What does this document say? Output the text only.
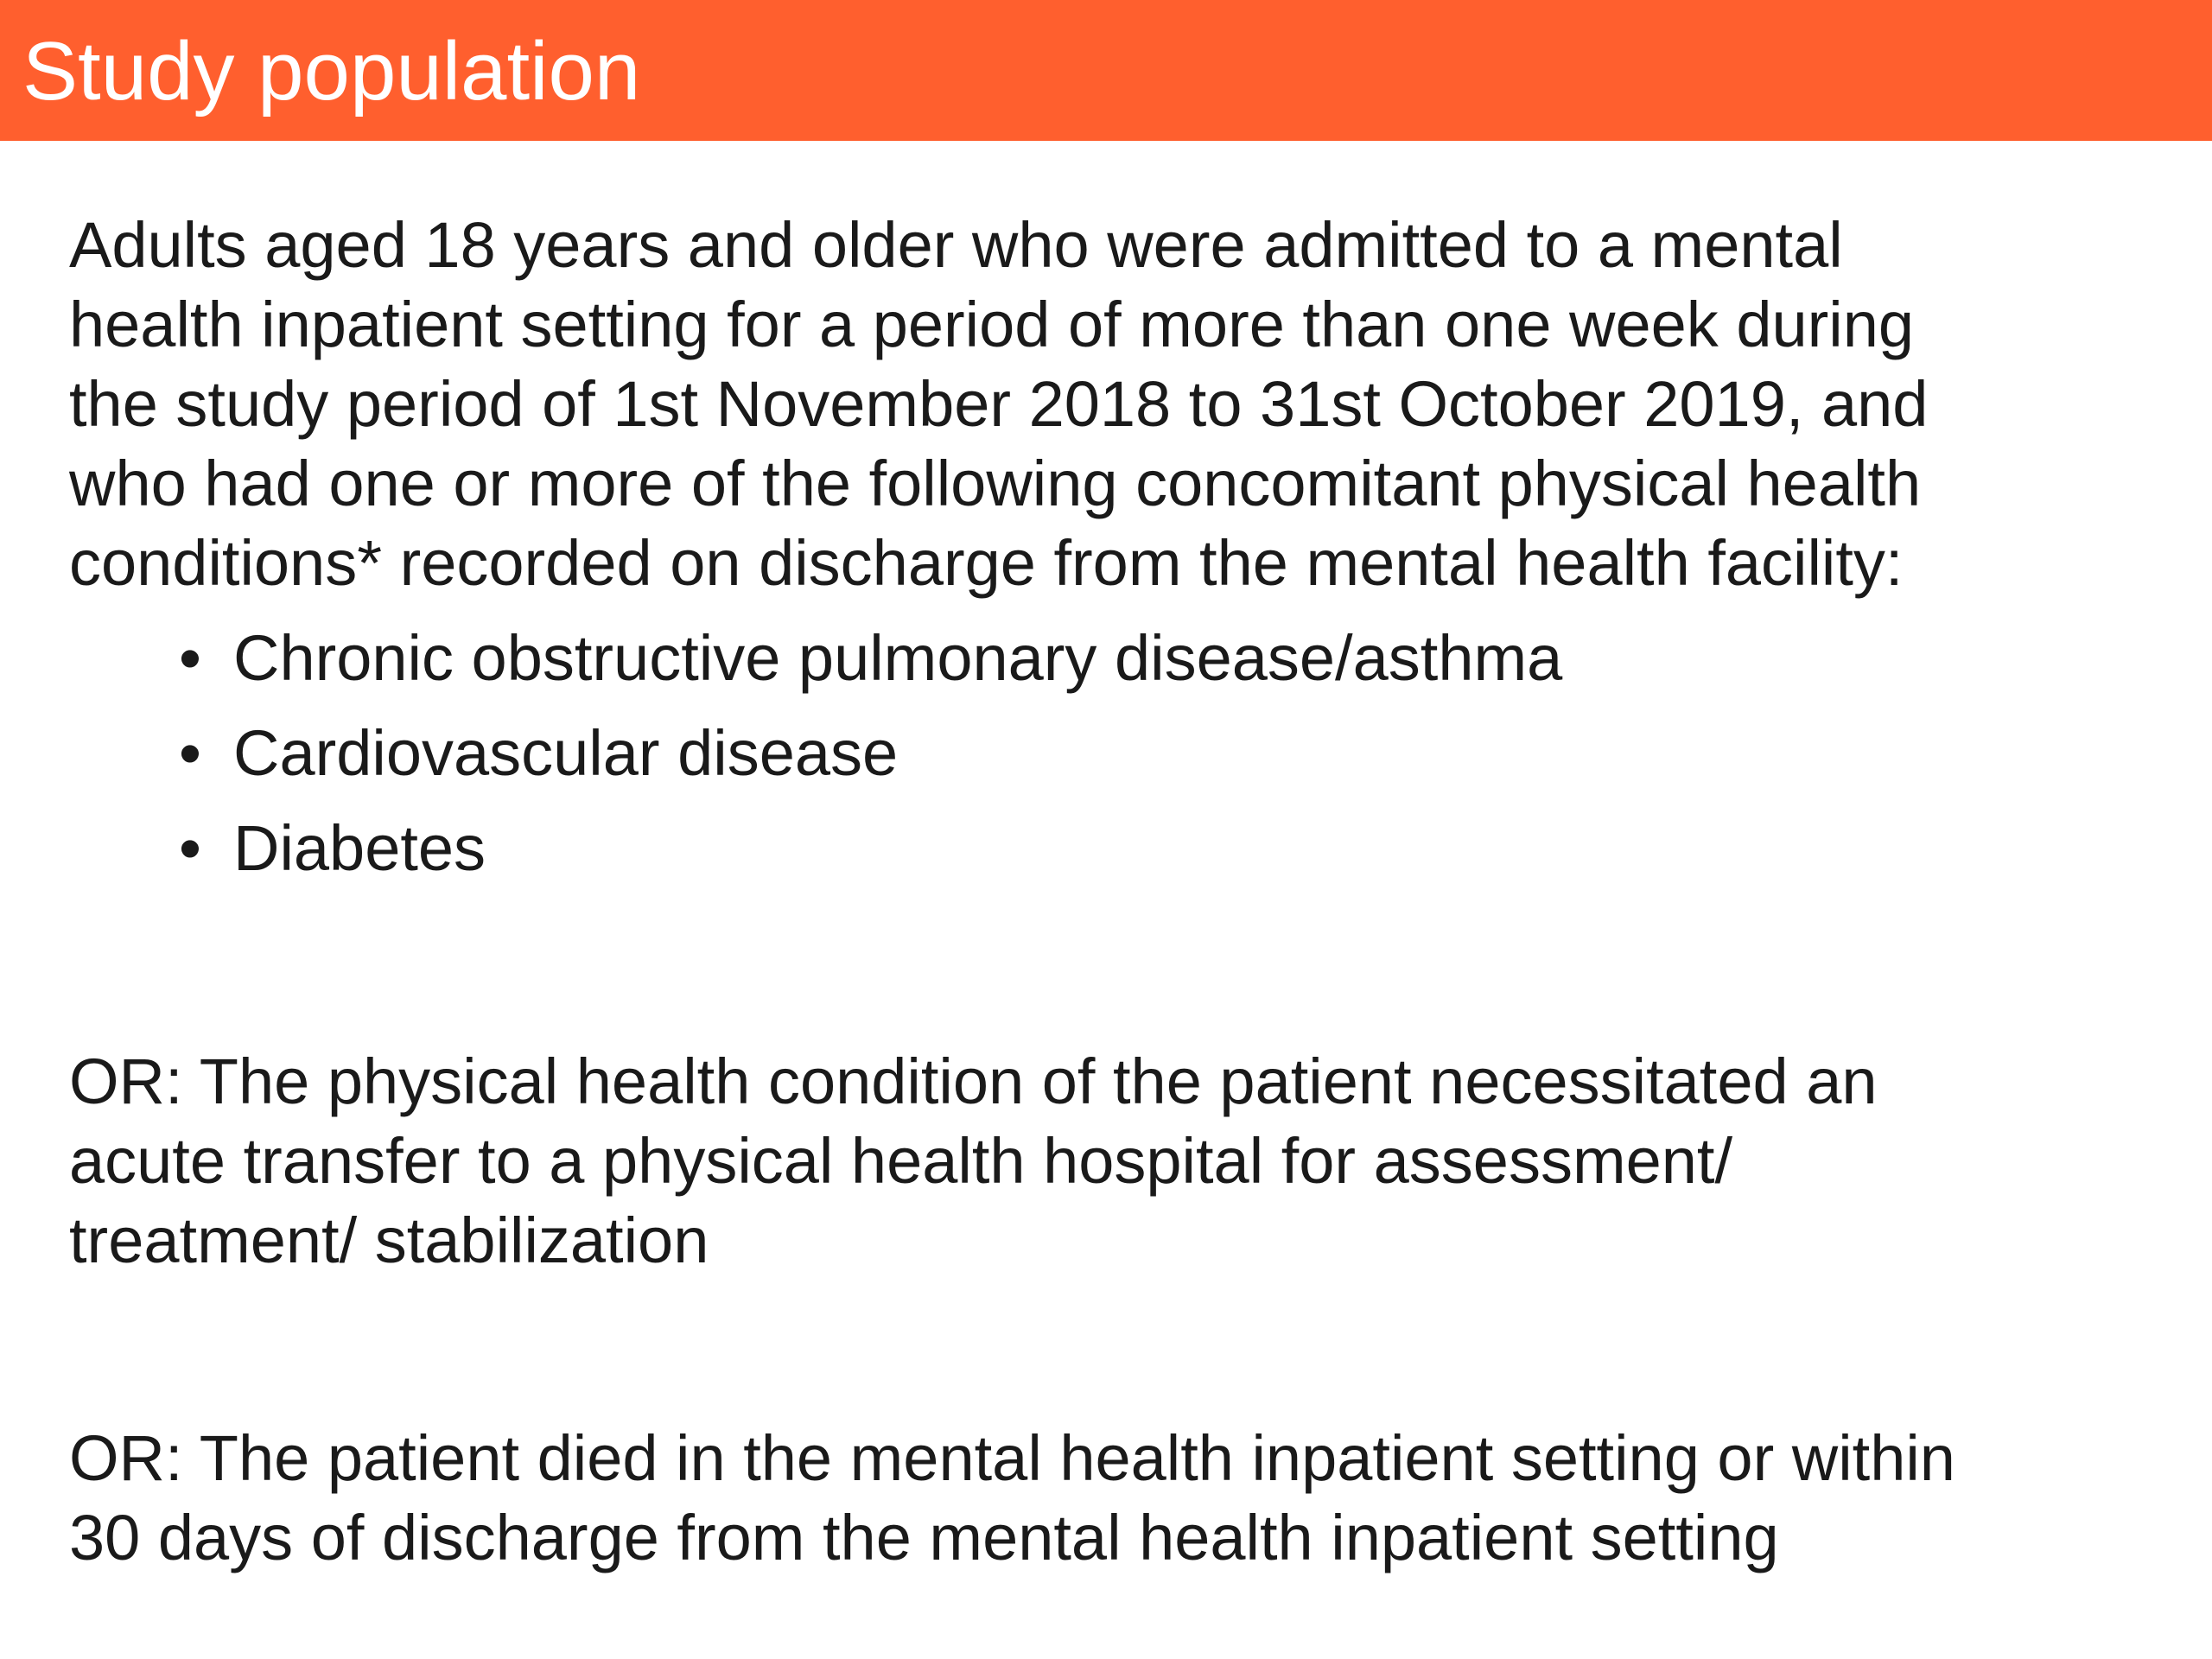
Study population

Adults aged 18 years and older who were admitted to a mental
health inpatient setting for a period of more than one week during
the study period of 1st November 2018 to 31st October 2019, and
who had one or more of the following concomitant physical health
conditions* recorded on discharge from the mental health facility:

• Chronic obstructive pulmonary disease/asthma
• Cardiovascular disease
• Diabetes

OR: The physical health condition of the patient necessitated an
acute transfer to a physical health hospital for assessment/
treatment/ stabilization

OR: The patient died in the mental health inpatient setting or within
30 days of discharge from the mental health inpatient setting
